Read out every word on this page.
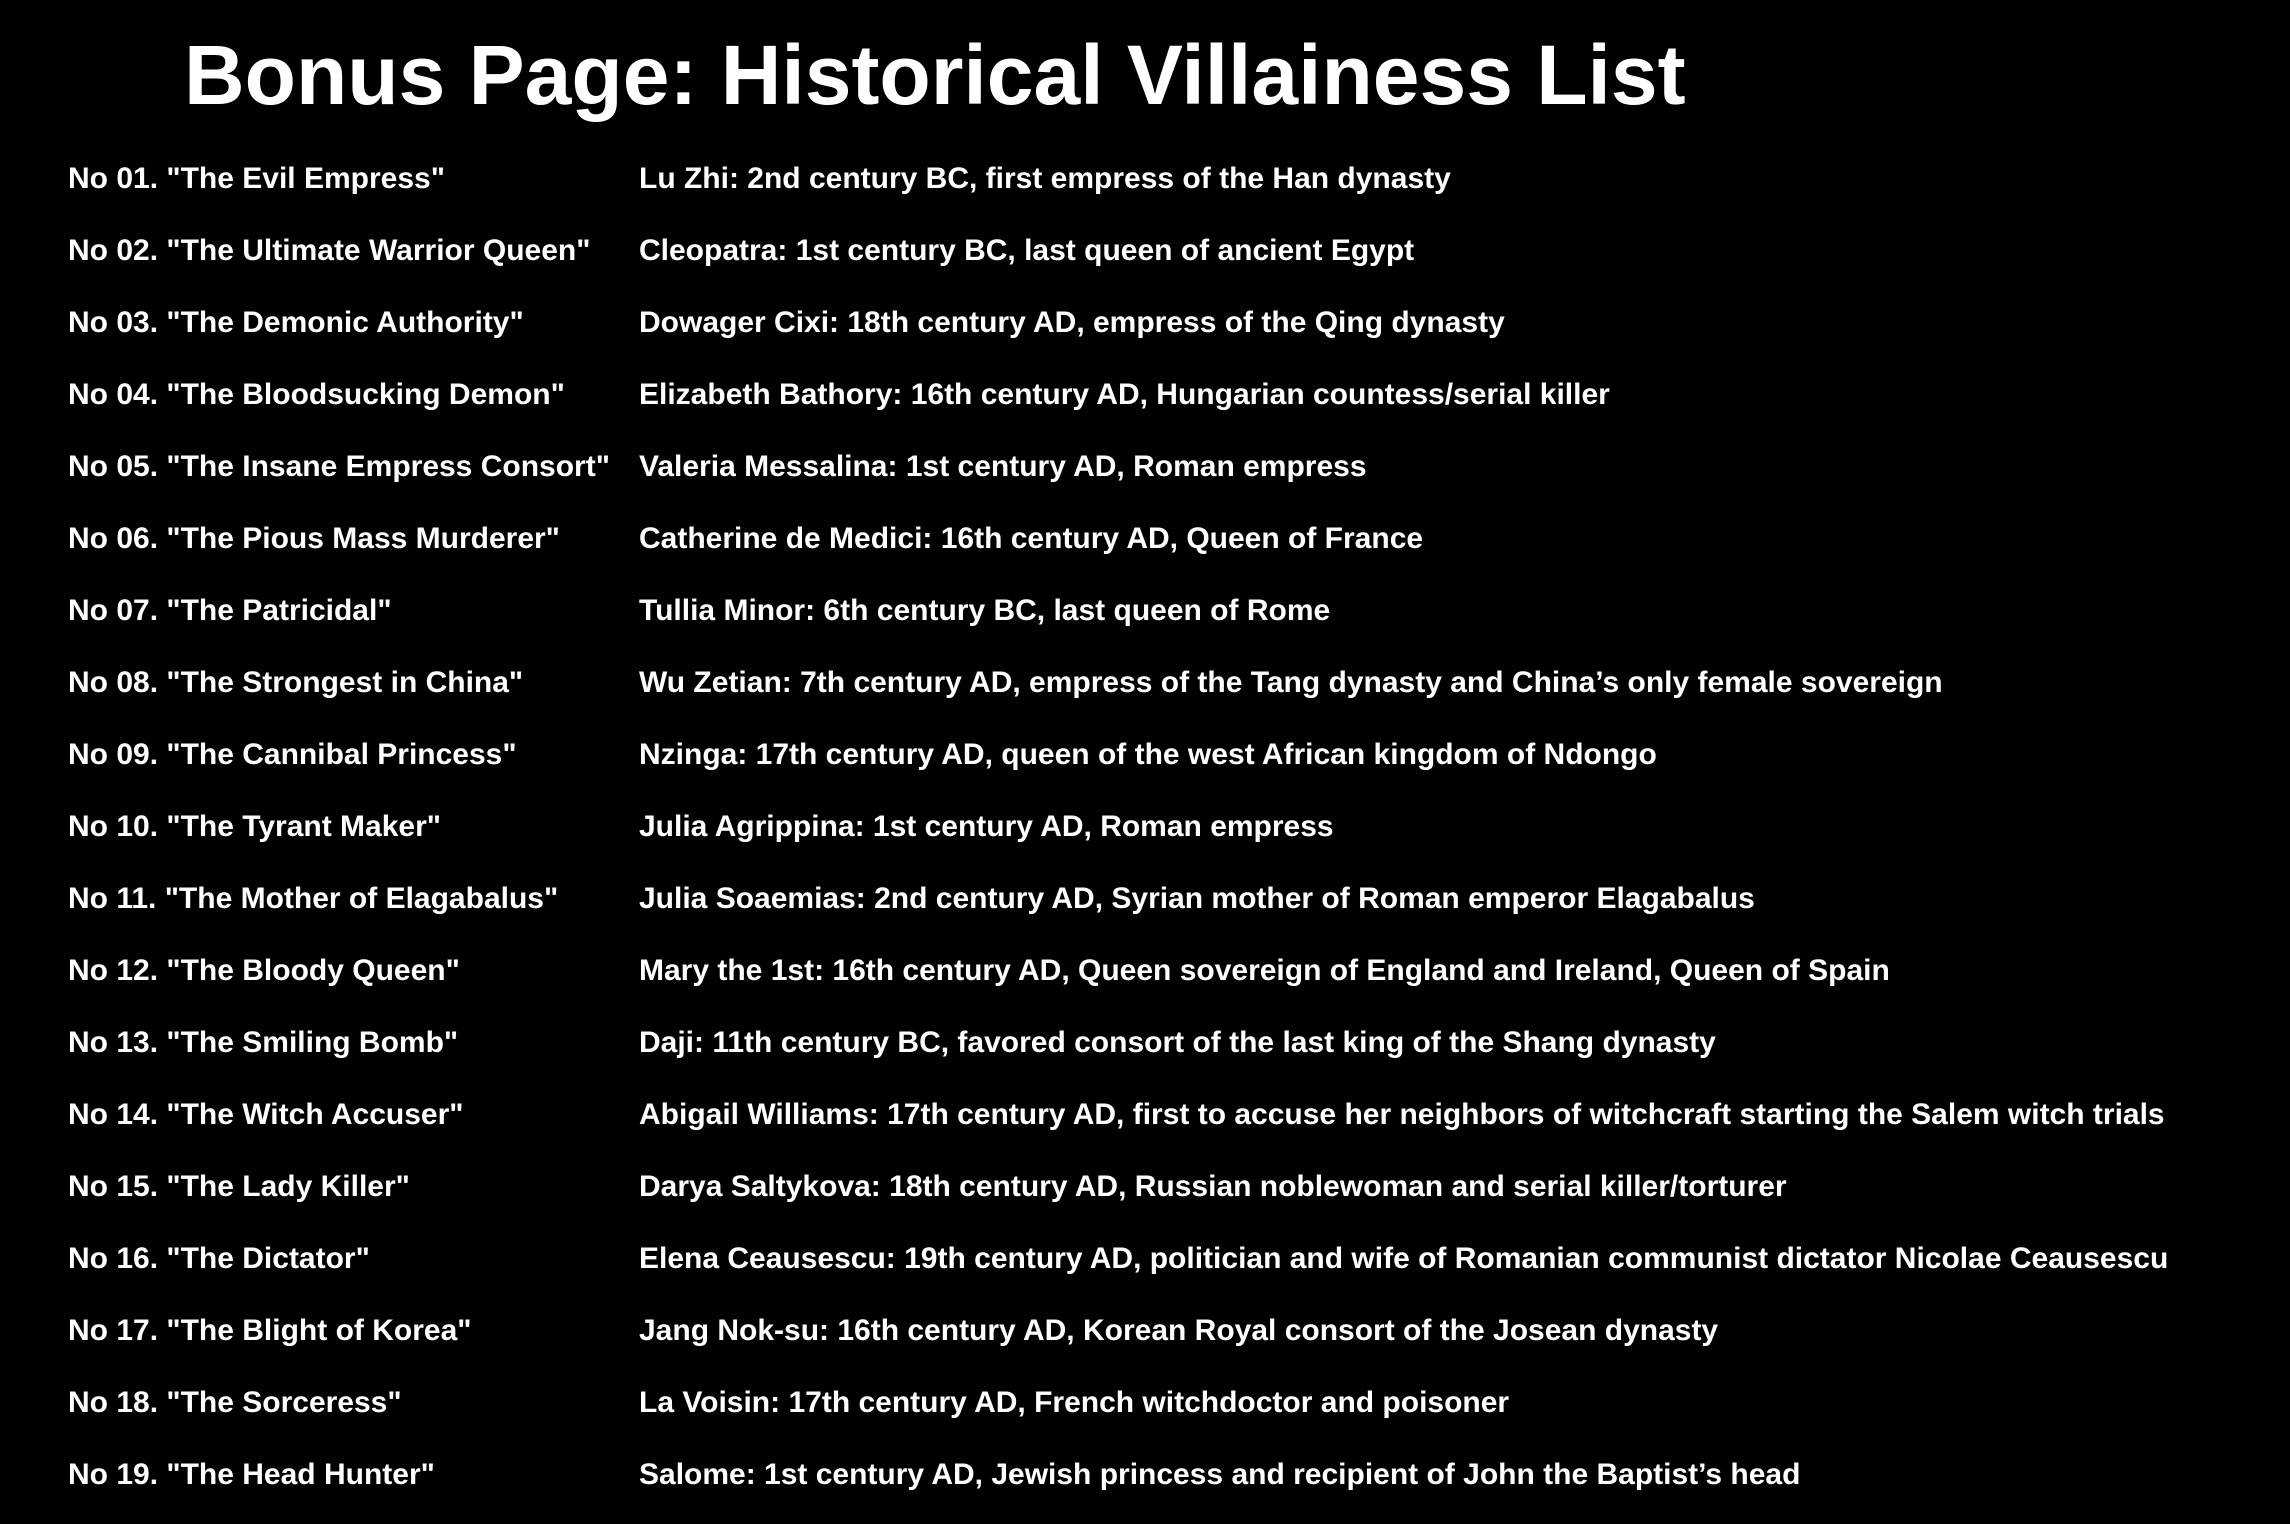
Bonus Page: Historical Villainess List
No 01. "The Evil Empress"	Lu Zhi: 2nd century BC, first empress of the Han dynasty
No 02. "The Ultimate Warrior Queen" Cleopatra: 1st century BC, last queen of ancient Egypt
No 03. "The Demonic Authority"	Dowager Cixi: 18th century AD, empress of the Qing dynasty
No 04. "The Bloodsucking Demon" Elizabeth Bathory: 16th century AD, Hungarian countess/serial killer
No 05. "The Insane Empress Consort" Valeria Messalina: 1st century AD, Roman empress
No 06. "The Pious Mass Murderer"	Catherine de Medici: 16th century AD, Queen of France
No 07. "The Patricidal"	Tullia Minor: 6th century BC, last queen of Rome
No 08. "The Strongest in China"	Wu Zetian: 7th century AD, empress of the Tang dynasty and China’s only female sovereign
No 09. "The Cannibal Princess"	Nzinga: 17th century AD, queen of the west African kingdom of Ndongo
No 10. "The Tyrant Maker"	Julia Agrippina: 1st century AD, Roman empress
No 11. "The Mother of Elagabalus"	Julia Soaemias: 2nd century AD, Syrian mother of Roman emperor Elagabalus
No 12. "The Bloody Queen"	Mary the 1st: 16th century AD, Queen sovereign of England and Ireland, Queen of Spain
No 13. "The Smiling Bomb"	Daji: 11th century BC, favored consort of the last king of the Shang dynasty
No 14. "The Witch Accuser"	Abigail Williams: 17th century AD, first to accuse her neighbors of witchcraft starting the Salem witch trials
No 15. "The Lady Killer"	Darya Saltykova: 18th century AD, Russian noblewoman and serial killer/torturer
No 16. "The Dictator"	Elena Ceausescu: 19th century AD, politician and wife of Romanian communist dictator Nicolae Ceausescu
No 17. "The Blight of Korea"	Jang Nok-su: 16th century AD, Korean Royal consort of the Josean dynasty
No 18. "The Sorceress"	La Voisin: 17th century AD, French witchdoctor and poisoner
No 19. "The Head Hunter"	Salome: 1st century AD, Jewish princess and recipient of John the Baptist’s head
